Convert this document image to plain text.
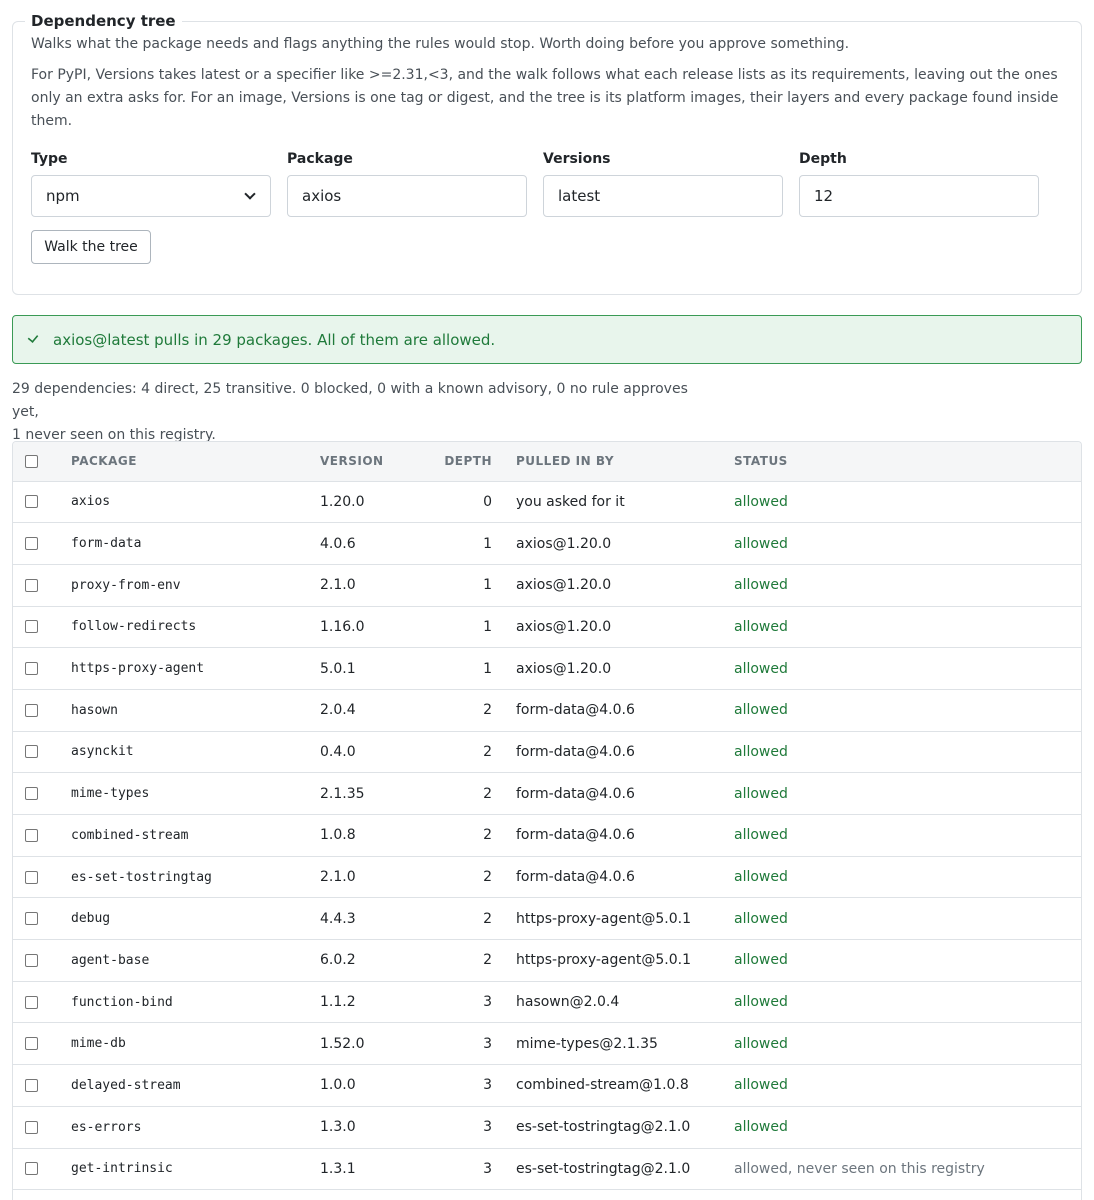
Dependency tree

Walks what the package needs and flags anything the rules would stop. Worth doing before you approve something.

For PyPI, Versions takes latest or a specifier like >=2.31,<3, and the walk follows what each release lists as its requirements, leaving out the ones only an extra asks for. For an image, Versions is one tag or digest, and the tree is its platform images, their layers and every package found inside them.

Type
npm
Package
axios
Versions
latest
Depth
12
Walk the tree
axios@latest pulls in 29 packages. All of them are allowed.
29 dependencies: 4 direct, 25 transitive. 0 blocked, 0 with a known advisory, 0 no rule approves yet,
1 never seen on this registry.
	PACKAGE	VERSION	DEPTH	PULLED IN BY	STATUS
	axios	1.20.0	0	you asked for it	allowed
	form-data	4.0.6	1	axios@1.20.0	allowed
	proxy-from-env	2.1.0	1	axios@1.20.0	allowed
	follow-redirects	1.16.0	1	axios@1.20.0	allowed
	https-proxy-agent	5.0.1	1	axios@1.20.0	allowed
	hasown	2.0.4	2	form-data@4.0.6	allowed
	asynckit	0.4.0	2	form-data@4.0.6	allowed
	mime-types	2.1.35	2	form-data@4.0.6	allowed
	combined-stream	1.0.8	2	form-data@4.0.6	allowed
	es-set-tostringtag	2.1.0	2	form-data@4.0.6	allowed
	debug	4.4.3	2	https-proxy-agent@5.0.1	allowed
	agent-base	6.0.2	2	https-proxy-agent@5.0.1	allowed
	function-bind	1.1.2	3	hasown@2.0.4	allowed
	mime-db	1.52.0	3	mime-types@2.1.35	allowed
	delayed-stream	1.0.0	3	combined-stream@1.0.8	allowed
	es-errors	1.3.0	3	es-set-tostringtag@2.1.0	allowed
	get-intrinsic	1.3.1	3	es-set-tostringtag@2.1.0	allowed, never seen on this registry
